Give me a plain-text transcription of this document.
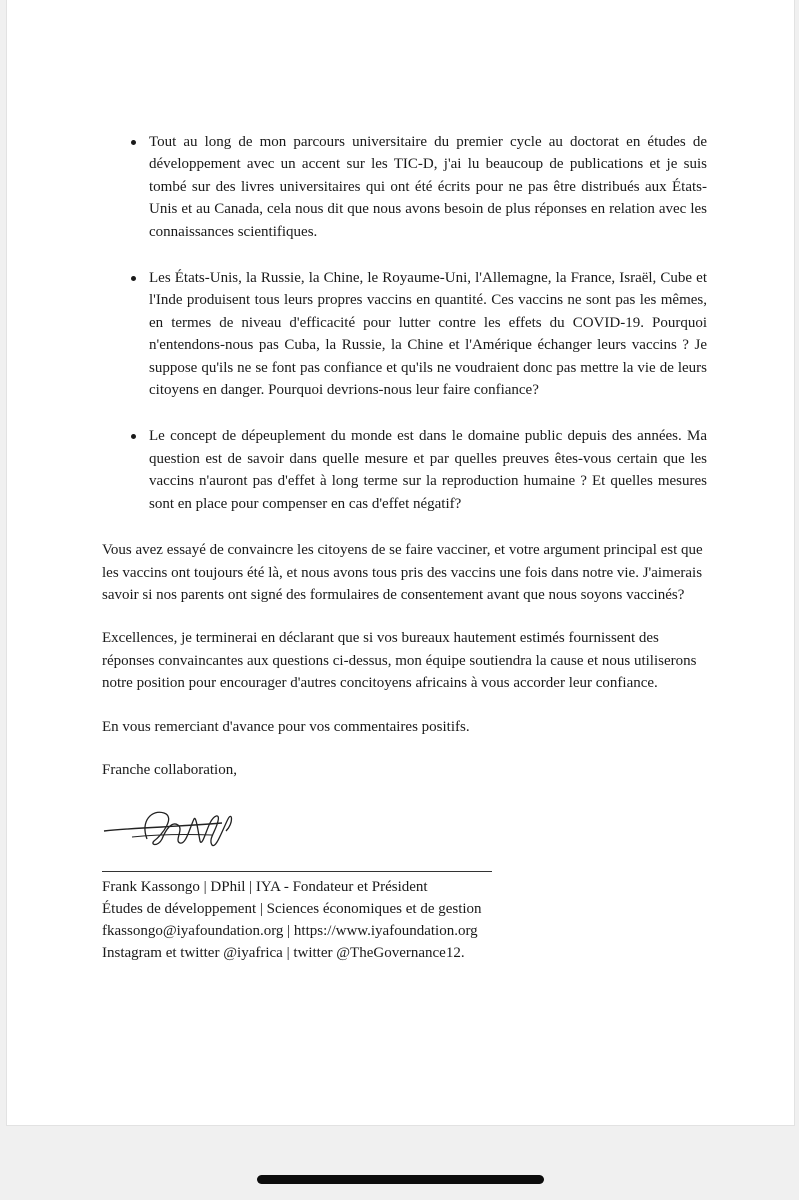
Tout au long de mon parcours universitaire du premier cycle au doctorat en études de développement avec un accent sur les TIC-D, j'ai lu beaucoup de publications et je suis tombé sur des livres universitaires qui ont été écrits pour ne pas être distribués aux États-Unis et au Canada, cela nous dit que nous avons besoin de plus réponses en relation avec les connaissances scientifiques.
Les États-Unis, la Russie, la Chine, le Royaume-Uni, l'Allemagne, la France, Israël, Cube et l'Inde produisent tous leurs propres vaccins en quantité. Ces vaccins ne sont pas les mêmes, en termes de niveau d'efficacité pour lutter contre les effets du COVID-19. Pourquoi n'entendons-nous pas Cuba, la Russie, la Chine et l'Amérique échanger leurs vaccins ? Je suppose qu'ils ne se font pas confiance et qu'ils ne voudraient donc pas mettre la vie de leurs citoyens en danger. Pourquoi devrions-nous leur faire confiance?
Le concept de dépeuplement du monde est dans le domaine public depuis des années. Ma question est de savoir dans quelle mesure et par quelles preuves êtes-vous certain que les vaccins n'auront pas d'effet à long terme sur la reproduction humaine ? Et quelles mesures sont en place pour compenser en cas d'effet négatif?

Vous avez essayé de convaincre les citoyens de se faire vacciner, et votre argument principal est que les vaccins ont toujours été là, et nous avons tous pris des vaccins une fois dans notre vie. J'aimerais savoir si nos parents ont signé des formulaires de consentement avant que nous soyons vaccinés?

Excellences, je terminerai en déclarant que si vos bureaux hautement estimés fournissent des réponses convaincantes aux questions ci-dessus, mon équipe soutiendra la cause et nous utiliserons notre position pour encourager d'autres concitoyens africains à vous accorder leur confiance.

En vous remerciant d'avance pour vos commentaires positifs.

Franche collaboration,

Frank Kassongo | DPhil | IYA - Fondateur et Président
Études de développement | Sciences économiques et de gestion
fkassongo@iyafoundation.org | https://www.iyafoundation.org
Instagram et twitter @iyafrica | twitter @TheGovernance12.
